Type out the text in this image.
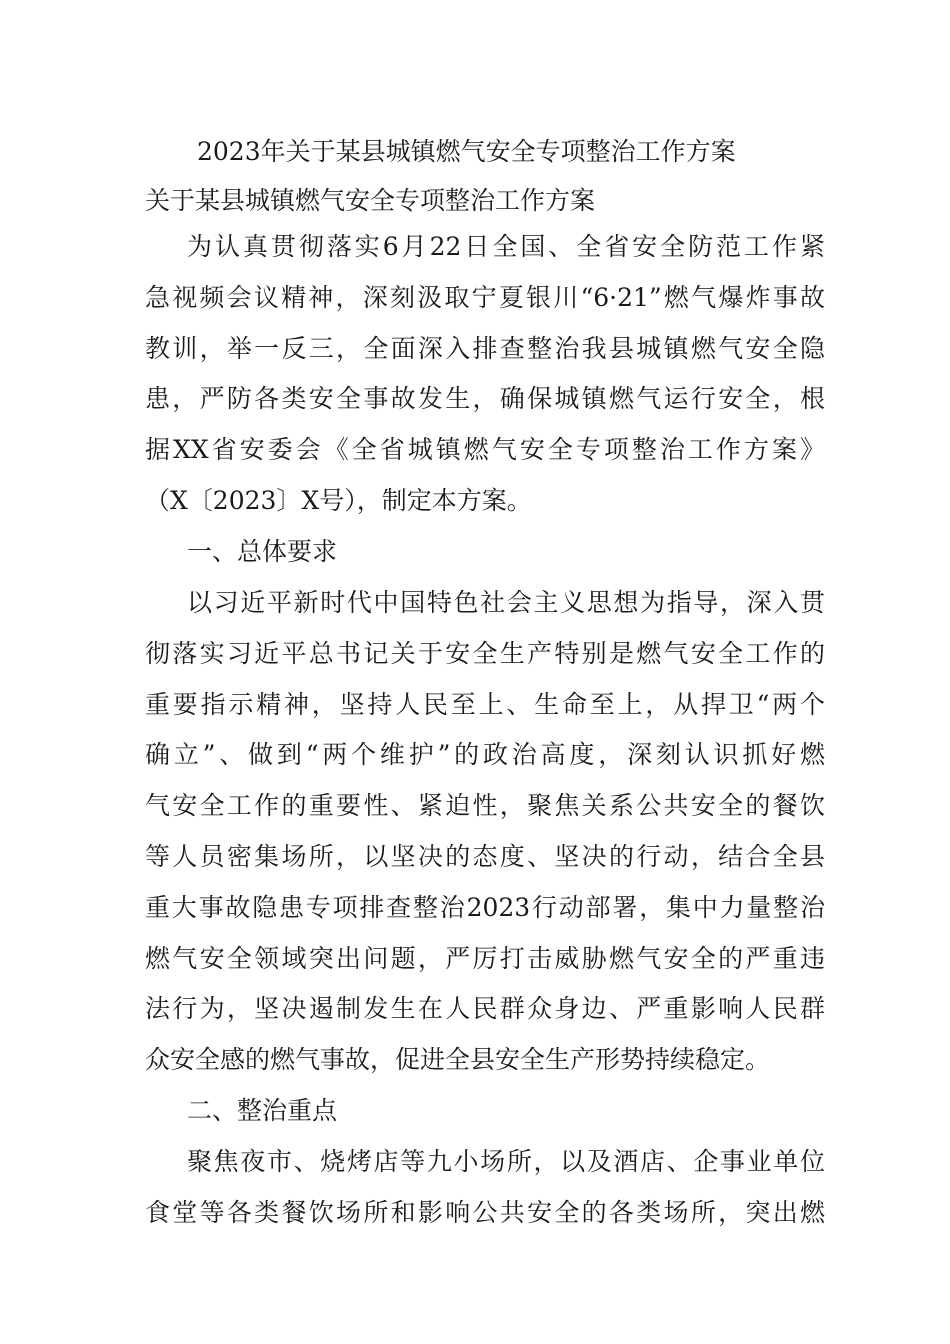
2023年关于某县城镇燃气安全专项整治工作方案
关于某县城镇燃气安全专项整治工作方案
为认真贯彻落实6月22日全国、全省安全防范工作紧
急视频会议精神，深刻汲取宁夏银川“6·21”燃气爆炸事故
教训，举一反三，全面深入排查整治我县城镇燃气安全隐
患，严防各类安全事故发生，确保城镇燃气运行安全，根
据XX省安委会《全省城镇燃气安全专项整治工作方案》
（X〔2023〕X号），制定本方案。
一、总体要求
以习近平新时代中国特色社会主义思想为指导，深入贯
彻落实习近平总书记关于安全生产特别是燃气安全工作的
重要指示精神，坚持人民至上、生命至上，从捍卫“两个
确立”、做到“两个维护”的政治高度，深刻认识抓好燃
气安全工作的重要性、紧迫性，聚焦关系公共安全的餐饮
等人员密集场所，以坚决的态度、坚决的行动，结合全县
重大事故隐患专项排查整治2023行动部署，集中力量整治
燃气安全领域突出问题，严厉打击威胁燃气安全的严重违
法行为，坚决遏制发生在人民群众身边、严重影响人民群
众安全感的燃气事故，促进全县安全生产形势持续稳定。
二、整治重点
聚焦夜市、烧烤店等九小场所，以及酒店、企事业单位
食堂等各类餐饮场所和影响公共安全的各类场所，突出燃
